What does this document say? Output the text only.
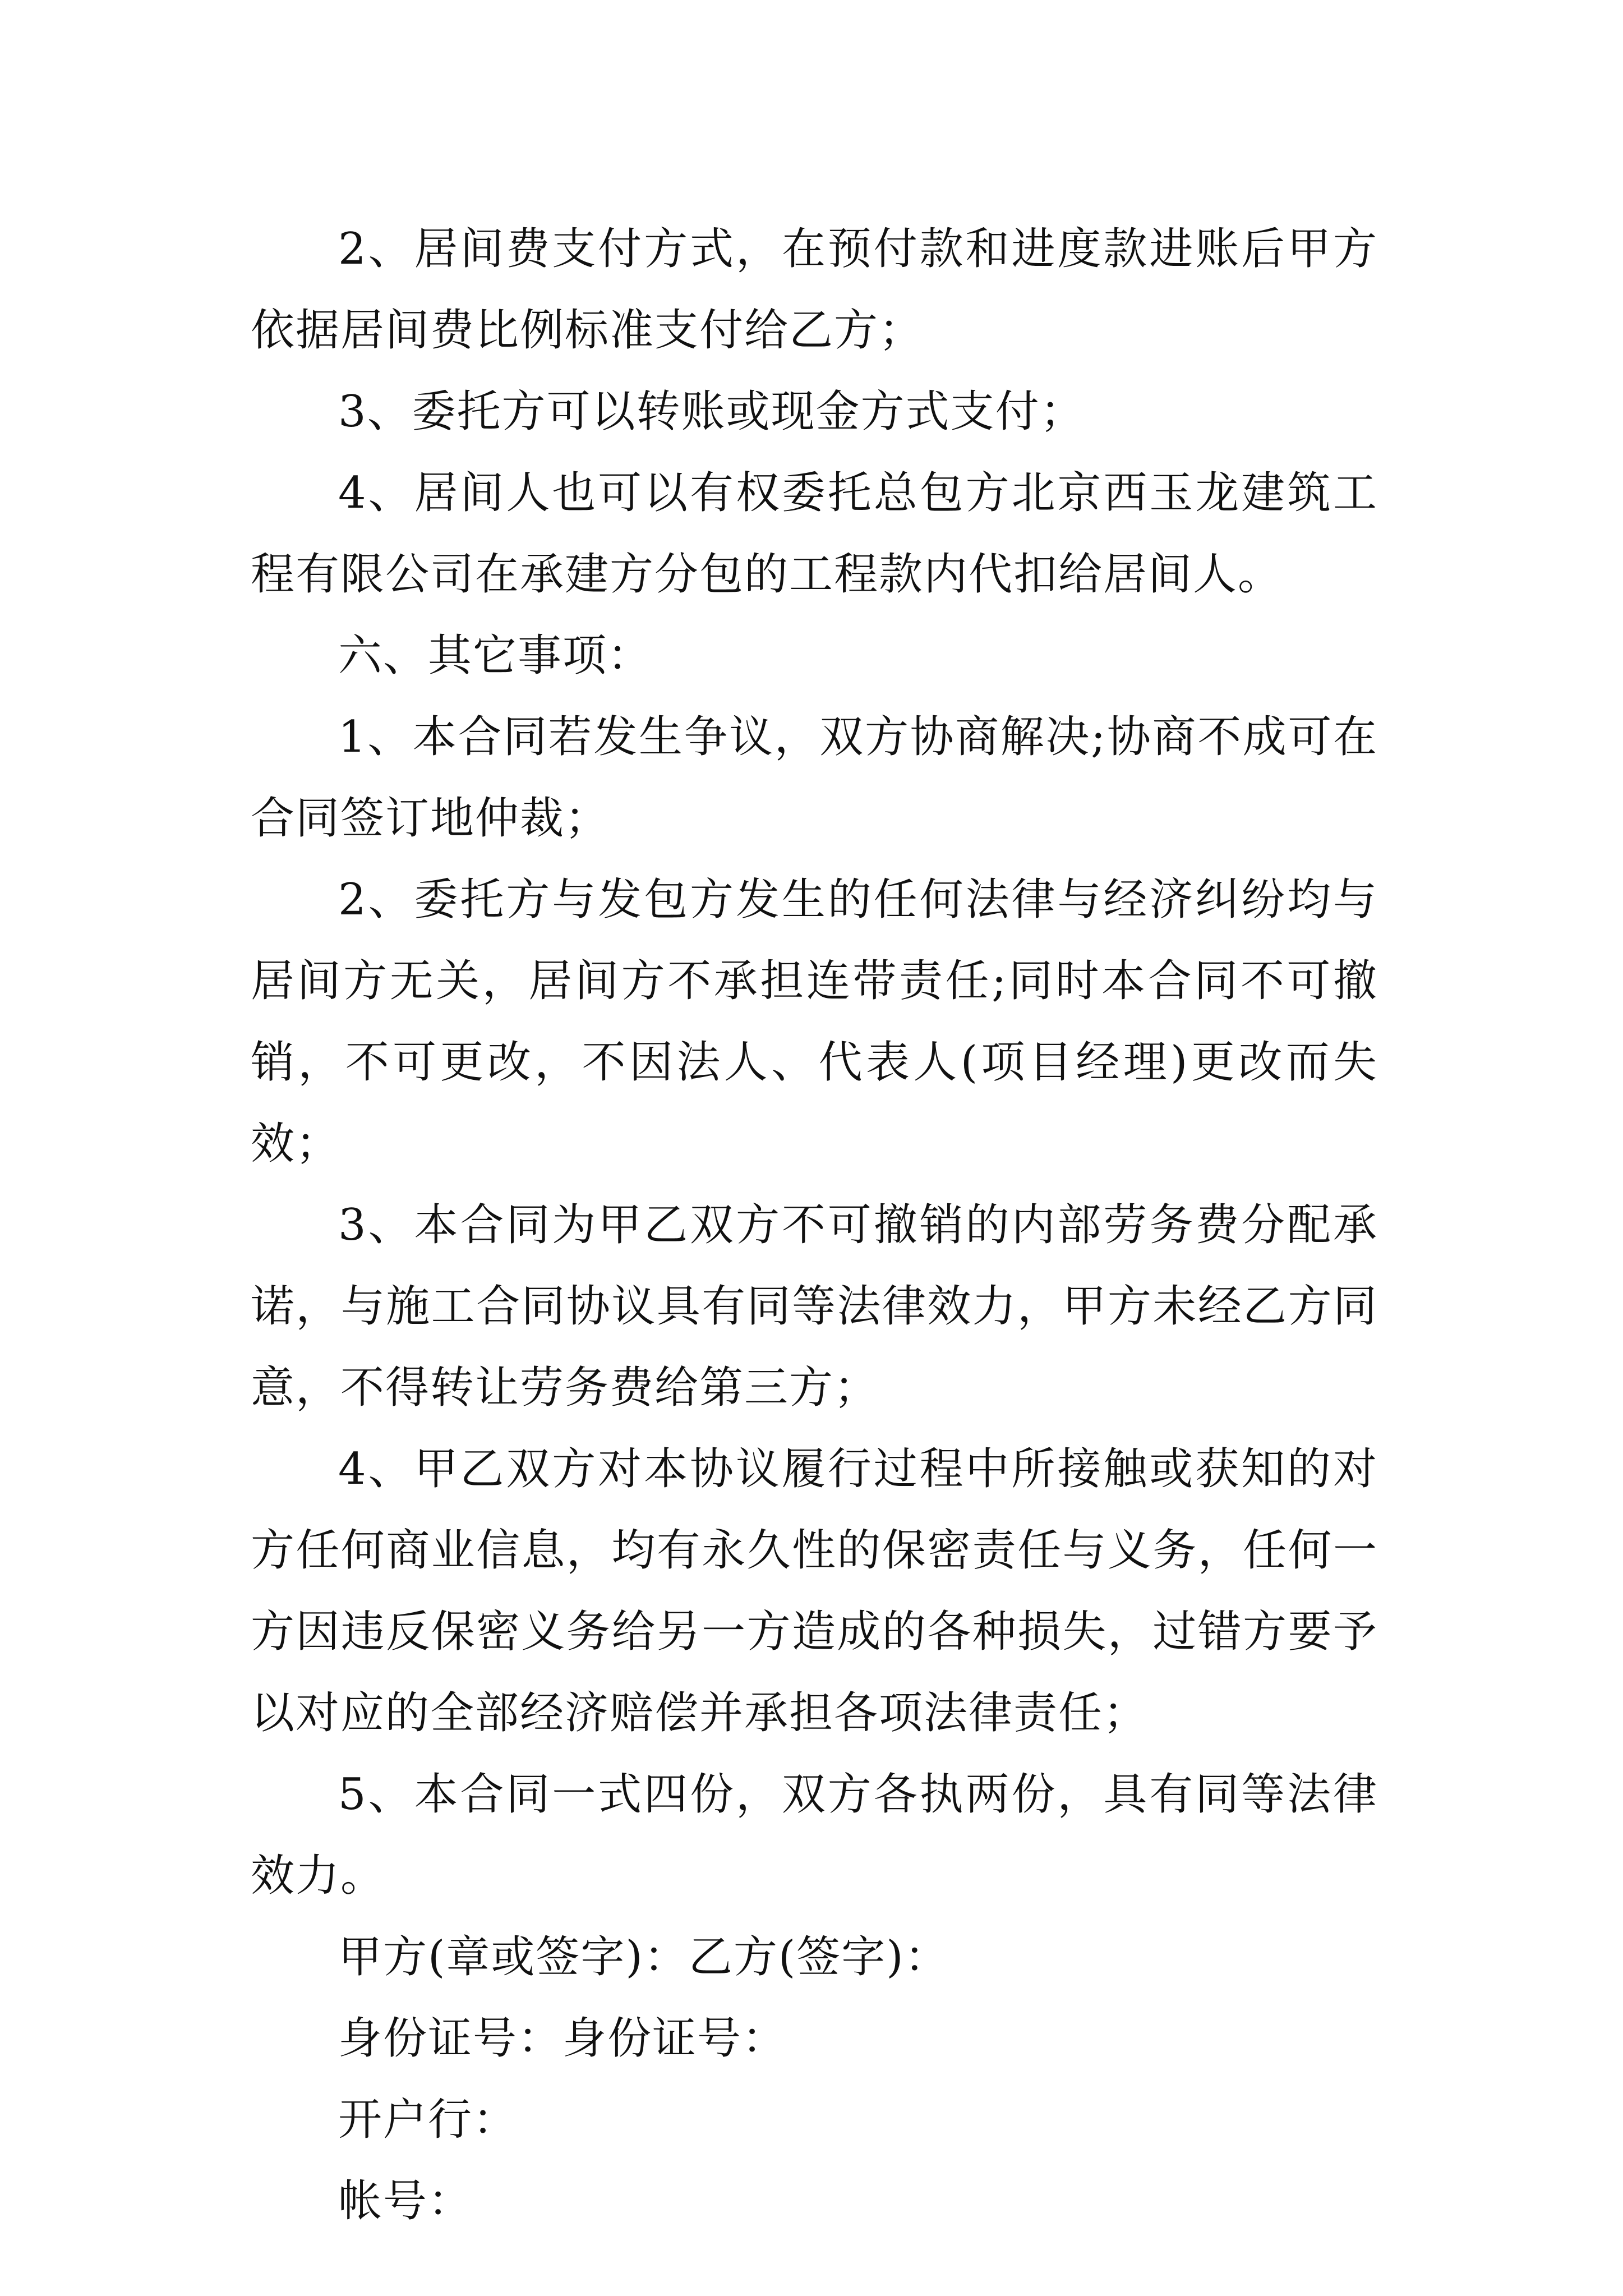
2、居间费支付方式，在预付款和进度款进账后甲方依据居间费比例标准支付给乙方；

3、委托方可以转账或现金方式支付；

4、居间人也可以有权委托总包方北京西玉龙建筑工程有限公司在承建方分包的工程款内代扣给居间人。

六、其它事项：

1、本合同若发生争议，双方协商解决;协商不成可在合同签订地仲裁；

2、委托方与发包方发生的任何法律与经济纠纷均与居间方无关，居间方不承担连带责任;同时本合同不可撤销，不可更改，不因法人、代表人(项目经理)更改而失效；

3、本合同为甲乙双方不可撤销的内部劳务费分配承诺，与施工合同协议具有同等法律效力，甲方未经乙方同意，不得转让劳务费给第三方；

4、甲乙双方对本协议履行过程中所接触或获知的对方任何商业信息，均有永久性的保密责任与义务，任何一方因违反保密义务给另一方造成的各种损失，过错方要予以对应的全部经济赔偿并承担各项法律责任；

5、本合同一式四份，双方各执两份，具有同等法律效力。

甲方(章或签字)：乙方(签字)：

身份证号：身份证号：

开户行：

帐号：
